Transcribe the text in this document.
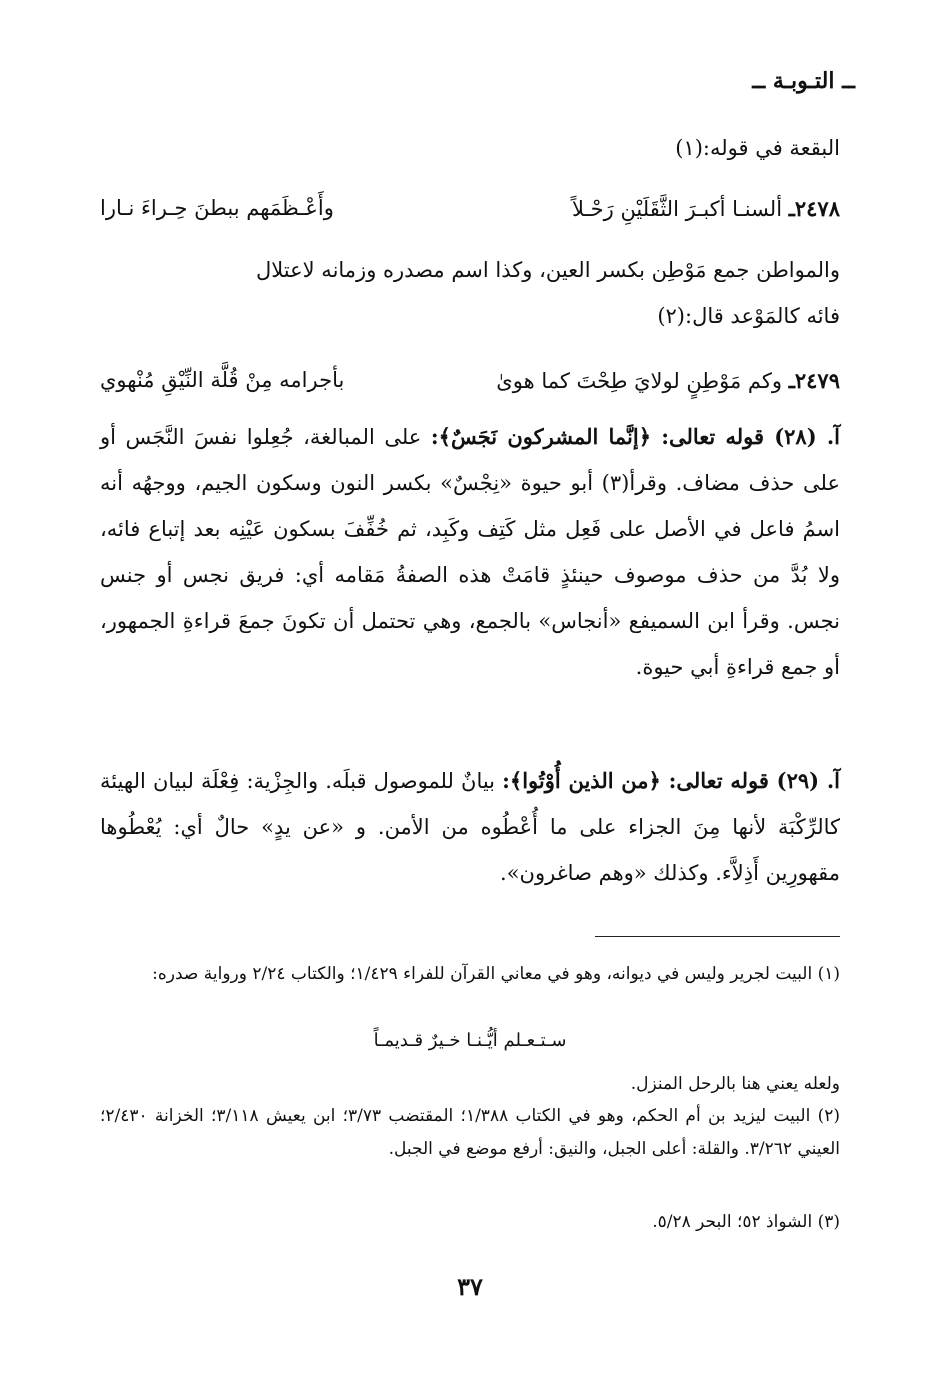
ــ التـوبـة ــ
البقعة في قوله:(١)
٢٤٧٨ـ ألسنـا أكبـرَ الثَّقَلَيْنِ رَحْـلاً
وأَعْـظَمَهم ببطنَ حِـراءَ نـارا
والمواطن جمع مَوْطِن بكسر العين، وكذا اسم مصدره وزمانه لاعتلالِ
فائه كالمَوْعد قال:(٢)
٢٤٧٩ـ وكم مَوْطِنٍ لولايَ طِحْتَ كما هوىٰ
بأجرامه مِنْ قُلَّة النِّيْقِ مُنْهوي
آ. (٢٨) قوله تعالى: ﴿إنَّما المشركون نَجَسٌ﴾: على المبالغة، جُعِلوا نفسَ النَّجَس أو على حذف مضاف. وقرأ(٣) أبو حيوة «نِجْسٌ» بكسر النون وسكون الجيم، ووجهُه أنه اسمُ فاعل في الأصل على فَعِل مثل كَتِف وكَبِد، ثم خُفِّفَ بسكون عَيْنِه بعد إتباع فائه، ولا بُدَّ من حذف موصوف حينئذٍ قامَتْ هذه الصفةُ مَقامه أي: فريق نجس أو جنس نجس. وقرأ ابن السميفع «أنجاس» بالجمع، وهي تحتمل أن تكونَ جمعَ قراءةِ الجمهور، أو جمع قراءةِ أبي حيوة.
آ. (٢٩) قوله تعالى: ﴿من الذين أُوْتُوا﴾: بيانٌ للموصول قبلَه. والجِزْية: فِعْلَة لبيان الهيئة كالرِّكْبَة لأنها مِنَ الجزاء على ما أُعْطُوه من الأمن. و «عن يدٍ» حالٌ أي: يُعْطُوها مقهورِين أَذِلاَّء. وكذلك «وهم صاغرون».
(١) البيت لجرير وليس في ديوانه، وهو في معاني القرآن للفراء ١/٤٢٩؛ والكتاب ٢/٢٤ ورواية صدره:
سـتـعـلم أيُّـنـا خـيرٌ قـديمـاً
ولعله يعني هنا بالرحل المنزل.
(٢) البيت ليزيد بن أم الحكم، وهو في الكتاب ١/٣٨٨؛ المقتضب ٣/٧٣؛ ابن يعيش ٣/١١٨؛ الخزانة ٢/٤٣٠؛ العيني ٣/٢٦٢. والقلة: أعلى الجبل، والنيق: أرفع موضع في الجبل.
(٣) الشواذ ٥٢؛ البحر ٥/٢٨.
٣٧
